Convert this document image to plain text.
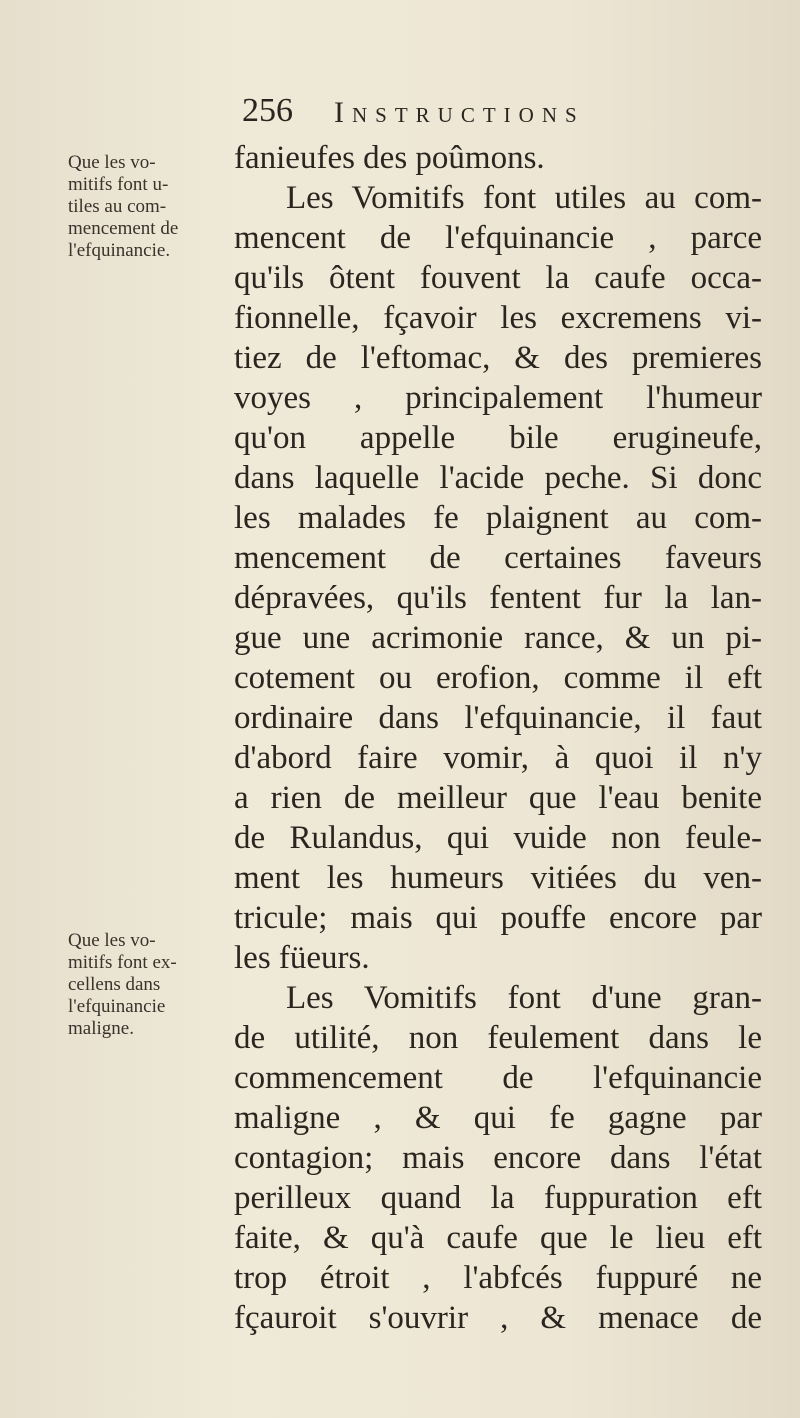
256 Instructions
Que les vo-
mitifs font u-
tiles au com-
mencement de
l'efquinancie.
Que les vo-
mitifs font ex-
cellens dans
l'efquinancie
maligne.
fanieufes des poûmons.
Les Vomitifs font utiles au com-
mencent de l'efquinancie , parce
qu'ils ôtent fouvent la caufe occa-
fionnelle, fçavoir les excremens vi-
tiez de l'eftomac, & des premieres
voyes , principalement l'humeur
qu'on appelle bile erugineufe,
dans laquelle l'acide peche. Si donc
les malades fe plaignent au com-
mencement de certaines faveurs
dépravées, qu'ils fentent fur la lan-
gue une acrimonie rance, & un pi-
cotement ou erofion, comme il eft
ordinaire dans l'efquinancie, il faut
d'abord faire vomir, à quoi il n'y
a rien de meilleur que l'eau benite
de Rulandus, qui vuide non feule-
ment les humeurs vitiées du ven-
tricule; mais qui pouffe encore par
les füeurs.
Les Vomitifs font d'une gran-
de utilité, non feulement dans le
commencement de l'efquinancie
maligne , & qui fe gagne par
contagion; mais encore dans l'état
perilleux quand la fuppuration eft
faite, & qu'à caufe que le lieu eft
trop étroit , l'abfcés fuppuré ne
fçauroit s'ouvrir , & menace de
